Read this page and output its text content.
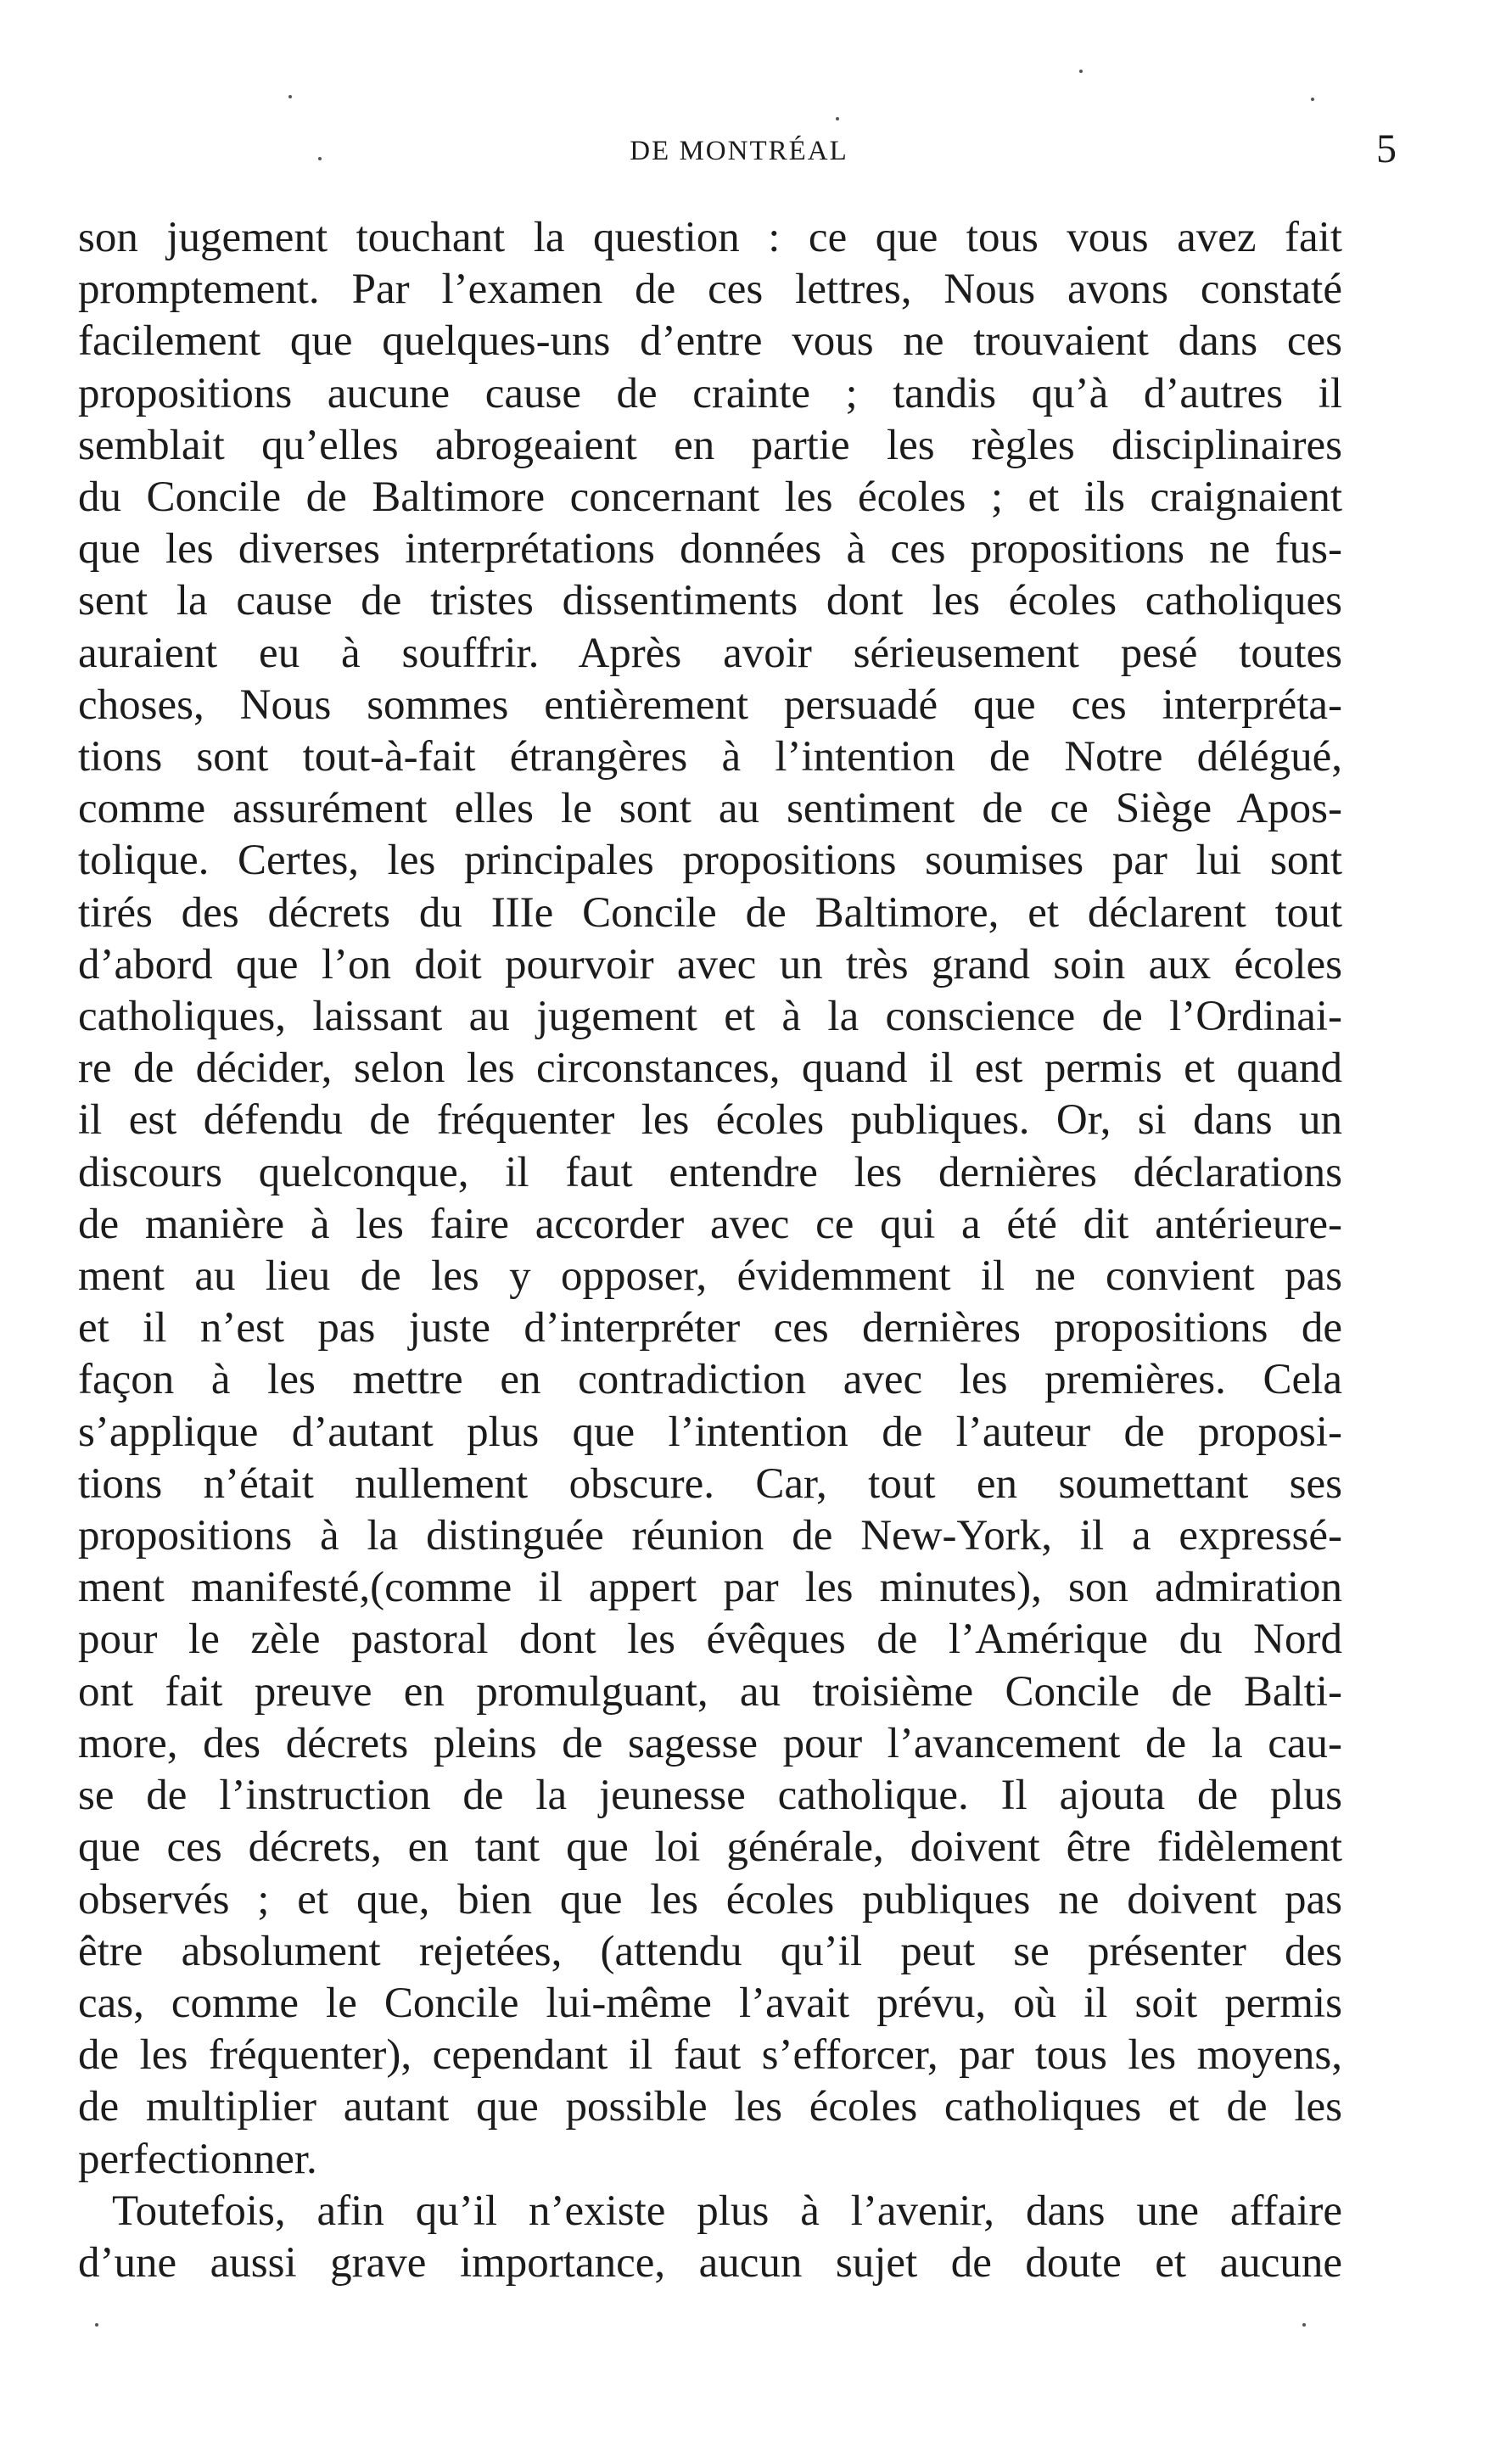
DE MONTRÉAL	5

son jugement touchant la question : ce que tous vous avez fait
promptement. Par l’examen de ces lettres, Nous avons constaté
facilement que quelques-uns d’entre vous ne trouvaient dans ces
propositions aucune cause de crainte ; tandis qu’à d’autres il
semblait qu’elles abrogeaient en partie les règles disciplinaires
du Concile de Baltimore concernant les écoles ; et ils craignaient
que les diverses interprétations données à ces propositions ne fus-
sent la cause de tristes dissentiments dont les écoles catholiques
auraient eu à souffrir. Après avoir sérieusement pesé toutes
choses, Nous sommes entièrement persuadé que ces interpréta-
tions sont tout-à-fait étrangères à l’intention de Notre délégué,
comme assurément elles le sont au sentiment de ce Siège Apos-
tolique. Certes, les principales propositions soumises par lui sont
tirés des décrets du IIIe Concile de Baltimore, et déclarent tout
d’abord que l’on doit pourvoir avec un très grand soin aux écoles
catholiques, laissant au jugement et à la conscience de l’Ordinai-
re de décider, selon les circonstances, quand il est permis et quand
il est défendu de fréquenter les écoles publiques. Or, si dans un
discours quelconque, il faut entendre les dernières déclarations
de manière à les faire accorder avec ce qui a été dit antérieure-
ment au lieu de les y opposer, évidemment il ne convient pas
et il n’est pas juste d’interpréter ces dernières propositions de
façon à les mettre en contradiction avec les premières. Cela
s’applique d’autant plus que l’intention de l’auteur de proposi-
tions n’était nullement obscure. Car, tout en soumettant ses
propositions à la distinguée réunion de New-York, il a expressé-
ment manifesté,(comme il appert par les minutes), son admiration
pour le zèle pastoral dont les évêques de l’Amérique du Nord
ont fait preuve en promulguant, au troisième Concile de Balti-
more, des décrets pleins de sagesse pour l’avancement de la cau-
se de l’instruction de la jeunesse catholique. Il ajouta de plus
que ces décrets, en tant que loi générale, doivent être fidèlement
observés ; et que, bien que les écoles publiques ne doivent pas
être absolument rejetées, (attendu qu’il peut se présenter des
cas, comme le Concile lui-même l’avait prévu, où il soit permis
de les fréquenter), cependant il faut s’efforcer, par tous les moyens,
de multiplier autant que possible les écoles catholiques et de les
perfectionner.

Toutefois, afin qu’il n’existe plus à l’avenir, dans une affaire
d’une aussi grave importance, aucun sujet de doute et aucune
